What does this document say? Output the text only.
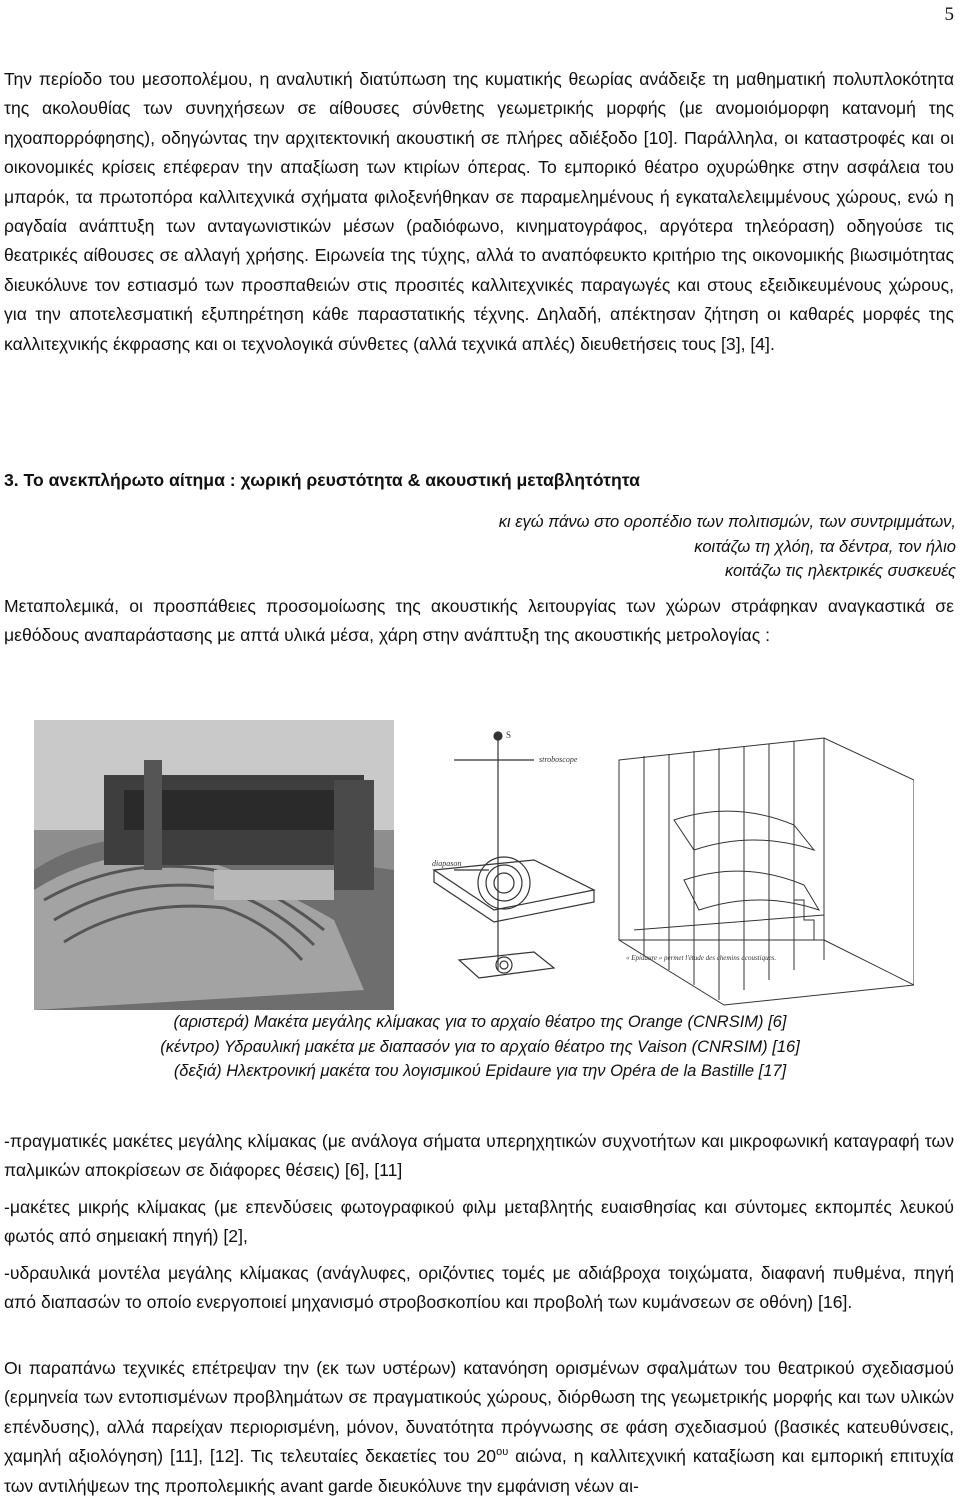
5

Την περίοδο του μεσοπολέμου, η αναλυτική διατύπωση της κυματικής θεωρίας ανάδειξε τη μαθηματική πολυπλοκότητα της ακολουθίας των συνηχήσεων σε αίθουσες σύνθετης γεωμετρικής μορφής (με ανομοιόμορφη κατανομή της ηχοαπορρόφησης), οδηγώντας την αρχιτεκτονική ακουστική σε πλήρες αδιέξοδο [10]. Παράλληλα, οι καταστροφές και οι οικονομικές κρίσεις επέφεραν την απαξίωση των κτιρίων όπερας. Το εμπορικό θέατρο οχυρώθηκε στην ασφάλεια του μπαρόκ, τα πρωτοπόρα καλλιτεχνικά σχήματα φιλοξενήθηκαν σε παραμελημένους ή εγκαταλελειμμένους χώρους, ενώ η ραγδαία ανάπτυξη των ανταγωνιστικών μέσων (ραδιόφωνο, κινηματογράφος, αργότερα τηλεόραση) οδηγούσε τις θεατρικές αίθουσες σε αλλαγή χρήσης. Ειρωνεία της τύχης, αλλά το αναπόφευκτο κριτήριο της οικονομικής βιωσιμότητας διευκόλυνε τον εστιασμό των προσπαθειών στις προσιτές καλλιτεχνικές παραγωγές και στους εξειδικευμένους χώρους, για την αποτελεσματική εξυπηρέτηση κάθε παραστατικής τέχνης. Δηλαδή, απέκτησαν ζήτηση οι καθαρές μορφές της καλλιτεχνικής έκφρασης και οι τεχνολογικά σύνθετες (αλλά τεχνικά απλές) διευθετήσεις τους [3], [4].

3. Το ανεκπλήρωτο αίτημα : χωρική ρευστότητα & ακουστική μεταβλητότητα
κι εγώ πάνω στο οροπέδιο των πολιτισμών, των συντριμμάτων,
κοιτάζω τη χλόη, τα δέντρα, τον ήλιο
κοιτάζω τις ηλεκτρικές συσκευές

Μεταπολεμικά, οι προσπάθειες προσομοίωσης της ακουστικής λειτουργίας των χώρων στράφηκαν αναγκαστικά σε μεθόδους αναπαράστασης με απτά υλικά μέσα, χάρη στην ανάπτυξη της ακουστικής μετρολογίας :

S
stroboscope
diapason
« Epidaure » permet l'étude des chemins acoustiques.
(αριστερά) Μακέτα μεγάλης κλίμακας για το αρχαίο θέατρο της Orange (CNRSIM) [6]
(κέντρο) Υδραυλική μακέτα με διαπασόν για το αρχαίο θέατρο της Vaison (CNRSIM) [16]
(δεξιά) Ηλεκτρονική μακέτα του λογισμικού Epidaure για την Opéra de la Bastille [17]

-πραγματικές μακέτες μεγάλης κλίμακας (με ανάλογα σήματα υπερηχητικών συχνοτήτων και μικροφωνική καταγραφή των παλμικών αποκρίσεων σε διάφορες θέσεις) [6], [11]

-μακέτες μικρής κλίμακας (με επενδύσεις φωτογραφικού φιλμ μεταβλητής ευαισθησίας και σύντομες εκπομπές λευκού φωτός από σημειακή πηγή) [2],

-υδραυλικά μοντέλα μεγάλης κλίμακας (ανάγλυφες, οριζόντιες τομές με αδιάβροχα τοιχώματα, διαφανή πυθμένα, πηγή από διαπασών το οποίο ενεργοποιεί μηχανισμό στροβοσκοπίου και προβολή των κυμάνσεων σε οθόνη) [16].

Οι παραπάνω τεχνικές επέτρεψαν την (εκ των υστέρων) κατανόηση ορισμένων σφαλμάτων του θεατρικού σχεδιασμού (ερμηνεία των εντοπισμένων προβλημάτων σε πραγματικούς χώρους, διόρθωση της γεωμετρικής μορφής και των υλικών επένδυσης), αλλά παρείχαν περιορισμένη, μόνον, δυνατότητα πρόγνωσης σε φάση σχεδιασμού (βασικές κατευθύνσεις, χαμηλή αξιολόγηση) [11], [12]. Τις τελευταίες δεκαετίες του $20^{o\upsilon}$ αιώνα, η καλλιτεχνική καταξίωση και εμπορική επιτυχία των αντιλήψεων της προπολεμικής avant garde διευκόλυνε την εμφάνιση νέων αι-
